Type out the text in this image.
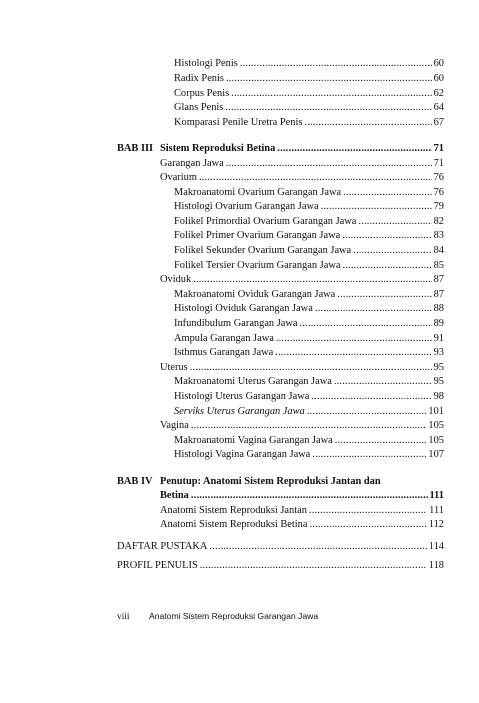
Histologi Penis .....	60
Radix Penis .....	60
Corpus Penis .....	62
Glans Penis .....	64
Komparasi Penile Uretra Penis .....	67
BAB III Sistem Reproduksi Betina .....	71
Garangan Jawa .....	71
Ovarium .....	76
Makroanatomi Ovarium Garangan Jawa .....	76
Histologi Ovarium Garangan Jawa .....	79
Folikel Primordial Ovarium Garangan Jawa .....	82
Folikel Primer Ovarium Garangan Jawa .....	83
Folikel Sekunder Ovarium Garangan Jawa .....	84
Folikel Tersier Ovarium Garangan Jawa .....	85
Oviduk .....	87
Makroanatomi Oviduk Garangan Jawa .....	87
Histologi Oviduk Garangan Jawa .....	88
Infundibulum Garangan Jawa .....	89
Ampula Garangan Jawa .....	91
Isthmus Garangan Jawa .....	93
Uterus .....	95
Makroanatomi Uterus Garangan Jawa .....	95
Histologi Uterus Garangan Jawa .....	98
Serviks Uterus Garangan Jawa .....	101
Vagina .....	105
Makroanatomi Vagina Garangan Jawa .....	105
Histologi Vagina Garangan Jawa .....	107
BAB IV Penutup: Anatomi Sistem Reproduksi Jantan dan
Betina .....	111
Anatomi Sistem Reproduksi Jantan .....	111
Anatomi Sistem Reproduksi Betina .....	112
DAFTAR PUSTAKA .....	114
PROFIL PENULIS .....	118
viii Anatomi Sistem Reproduksi Garangan Jawa
